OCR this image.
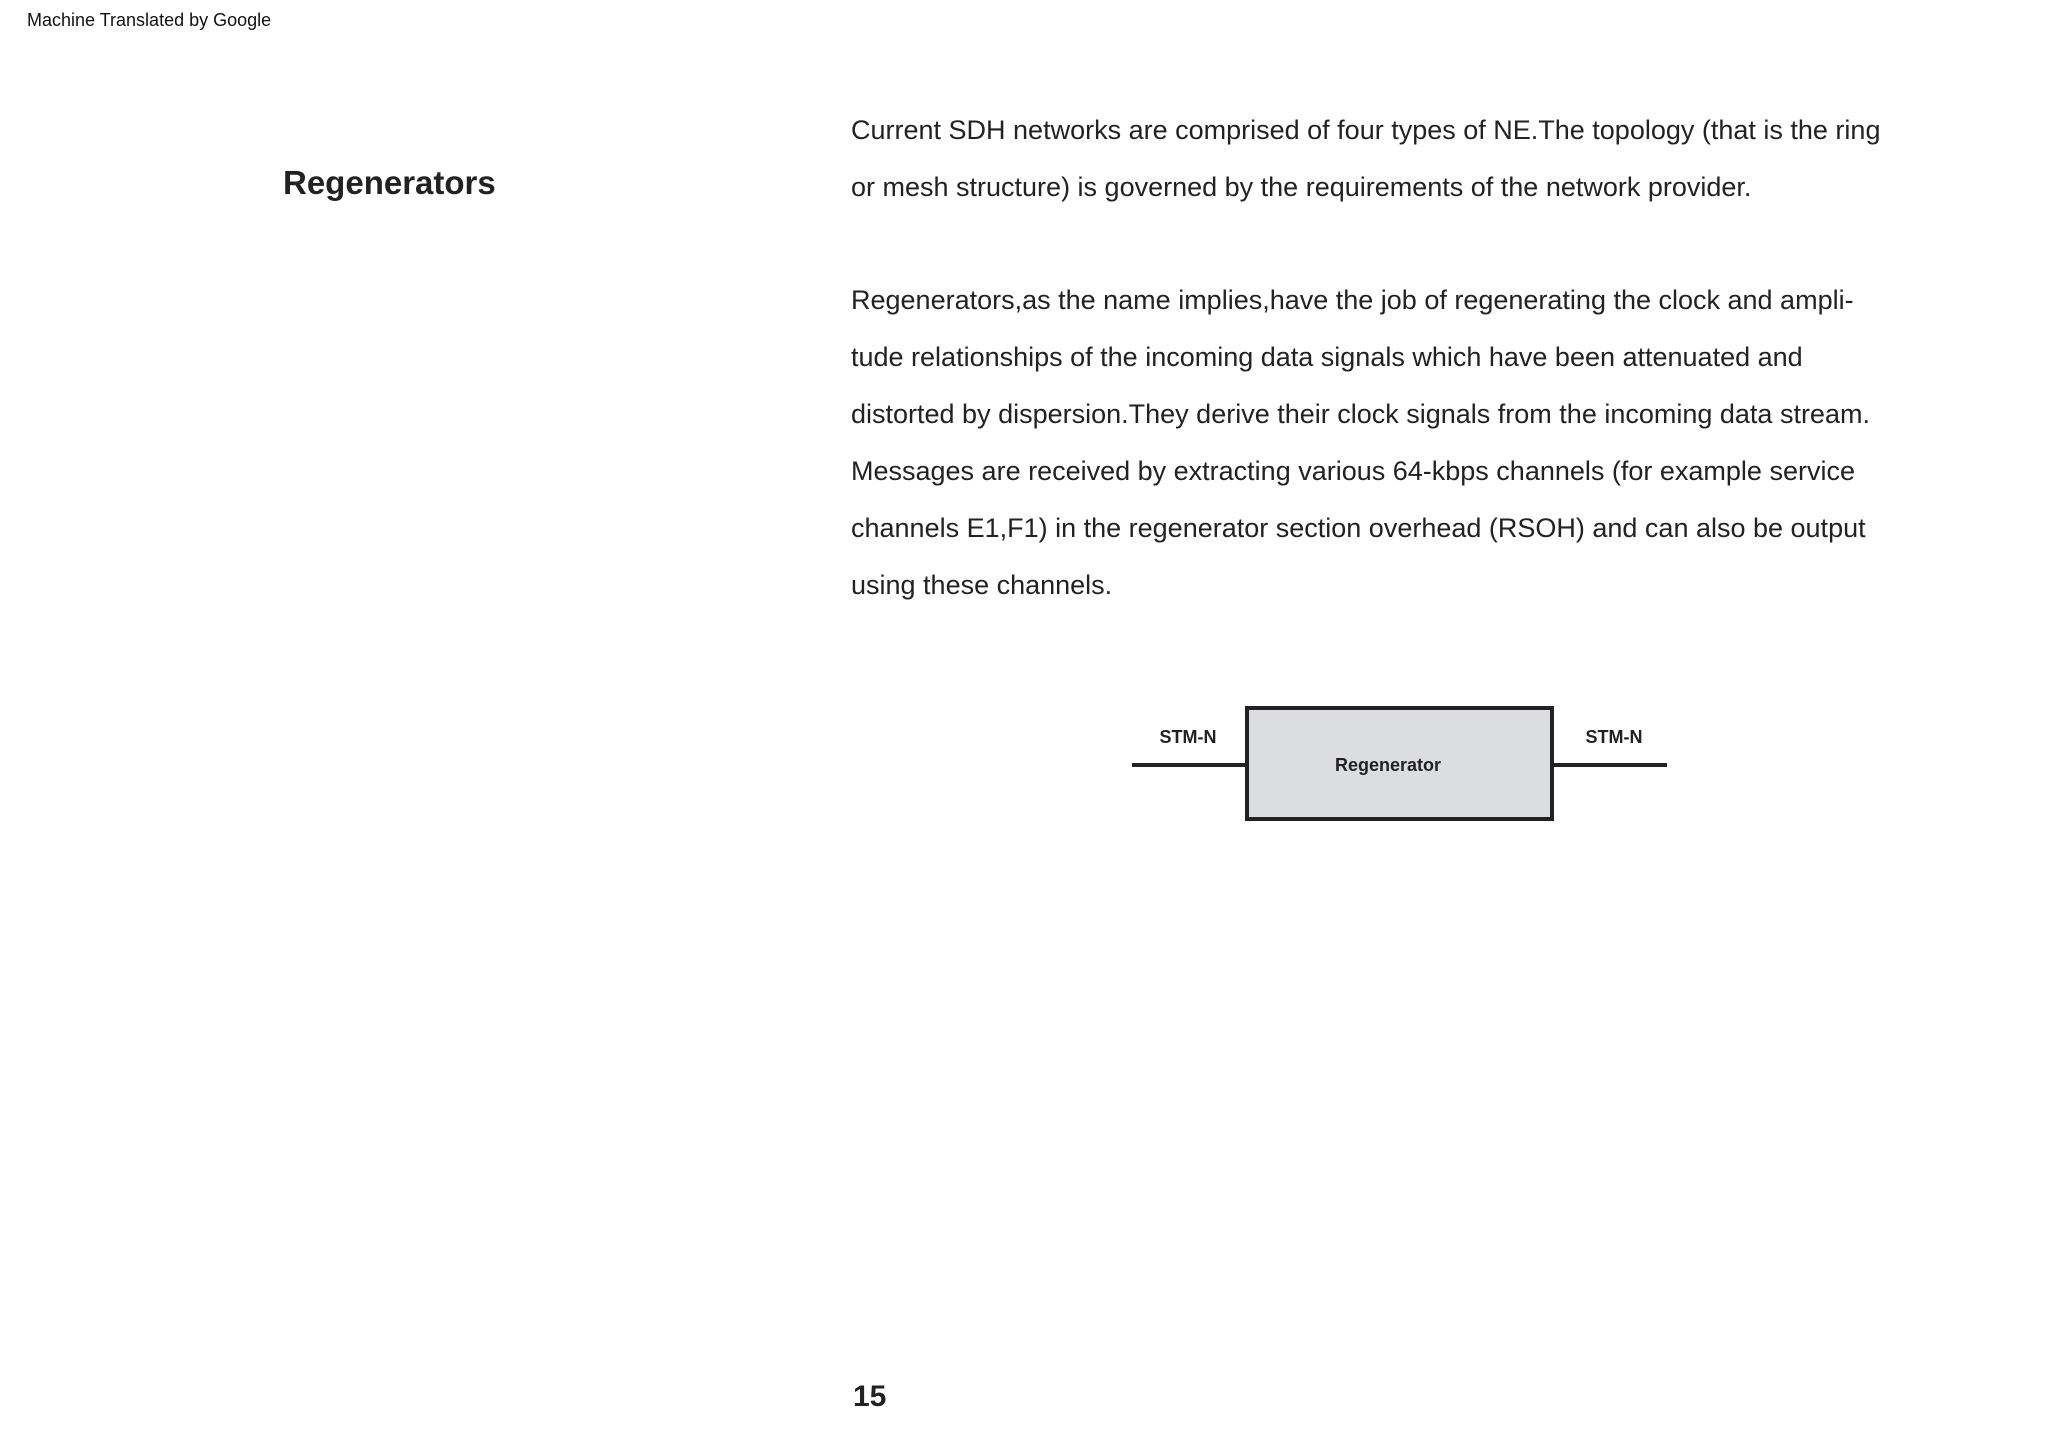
Machine Translated by Google
Regenerators

Current SDH networks are comprised of four types of NE.The topology (that is the ring
or mesh structure) is governed by the requirements of the network provider.

Regenerators,as the name implies,have the job of regenerating the clock and ampli-
tude relationships of the incoming data signals which have been attenuated and
distorted by dispersion.They derive their clock signals from the incoming data stream.
Messages are received by extracting various 64-kbps channels (for example service
channels E1,F1) in the regenerator section overhead (RSOH) and can also be output
using these channels.

STM-N	STM-N
Regenerator
15
